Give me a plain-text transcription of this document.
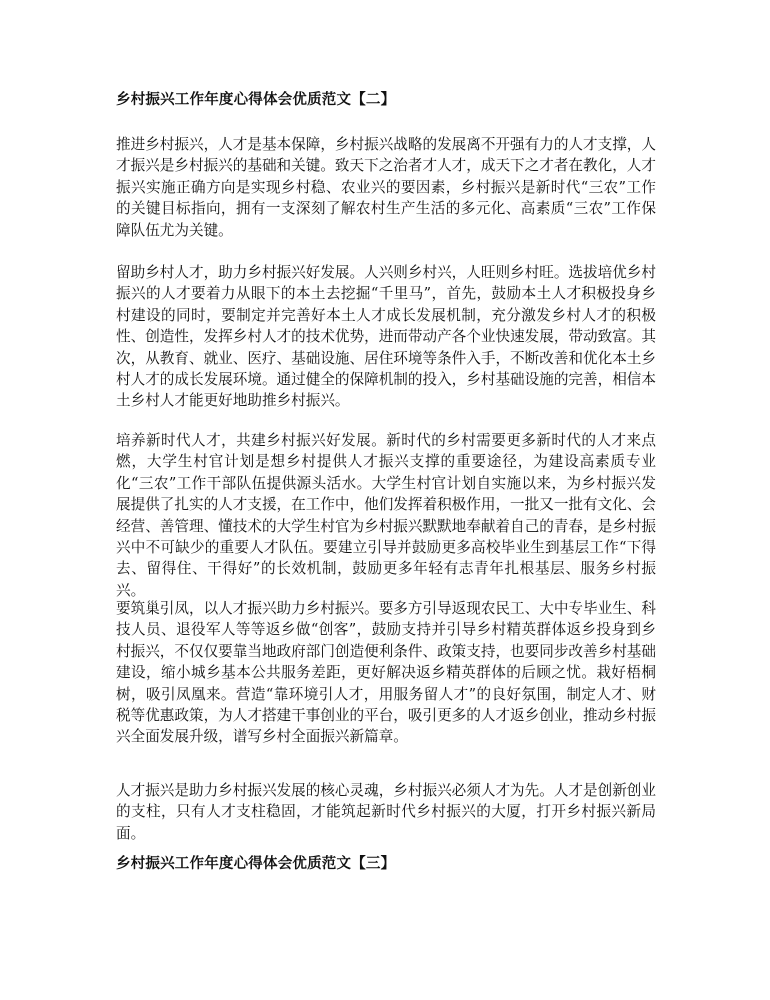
乡村振兴工作年度心得体会优质范文【二】

推进乡村振兴，人才是基本保障，乡村振兴战略的发展离不开强有力的人才支撑，人才振兴是乡村振兴的基础和关键。致天下之治者才人才，成天下之才者在教化，人才振兴实施正确方向是实现乡村稳、农业兴的要因素，乡村振兴是新时代“三农”工作的关键目标指向，拥有一支深刻了解农村生产生活的多元化、高素质“三农”工作保障队伍尤为关键。

留助乡村人才，助力乡村振兴好发展。人兴则乡村兴，人旺则乡村旺。选拔培优乡村振兴的人才要着力从眼下的本土去挖掘“千里马”，首先，鼓励本土人才积极投身乡村建设的同时，要制定并完善好本土人才成长发展机制，充分激发乡村人才的积极性、创造性，发挥乡村人才的技术优势，进而带动产各个业快速发展，带动致富。其次，从教育、就业、医疗、基础设施、居住环境等条件入手，不断改善和优化本土乡村人才的成长发展环境。通过健全的保障机制的投入，乡村基础设施的完善，相信本土乡村人才能更好地助推乡村振兴。

培养新时代人才，共建乡村振兴好发展。新时代的乡村需要更多新时代的人才来点燃，大学生村官计划是想乡村提供人才振兴支撑的重要途径，为建设高素质专业化“三农”工作干部队伍提供源头活水。大学生村官计划自实施以来，为乡村振兴发展提供了扎实的人才支援，在工作中，他们发挥着积极作用，一批又一批有文化、会经营、善管理、懂技术的大学生村官为乡村振兴默默地奉献着自己的青春，是乡村振兴中不可缺少的重要人才队伍。要建立引导并鼓励更多高校毕业生到基层工作“下得去、留得住、干得好”的长效机制，鼓励更多年轻有志青年扎根基层、服务乡村振兴。

要筑巢引凤，以人才振兴助力乡村振兴。要多方引导返现农民工、大中专毕业生、科技人员、退役军人等等返乡做“创客”，鼓励支持并引导乡村精英群体返乡投身到乡村振兴，不仅仅要靠当地政府部门创造便利条件、政策支持，也要同步改善乡村基础建设，缩小城乡基本公共服务差距，更好解决返乡精英群体的后顾之忧。栽好梧桐树，吸引凤凰来。营造“靠环境引人才，用服务留人才”的良好氛围，制定人才、财税等优惠政策，为人才搭建干事创业的平台，吸引更多的人才返乡创业，推动乡村振兴全面发展升级，谱写乡村全面振兴新篇章。

人才振兴是助力乡村振兴发展的核心灵魂，乡村振兴必须人才为先。人才是创新创业的支柱，只有人才支柱稳固，才能筑起新时代乡村振兴的大厦，打开乡村振兴新局面。

乡村振兴工作年度心得体会优质范文【三】
